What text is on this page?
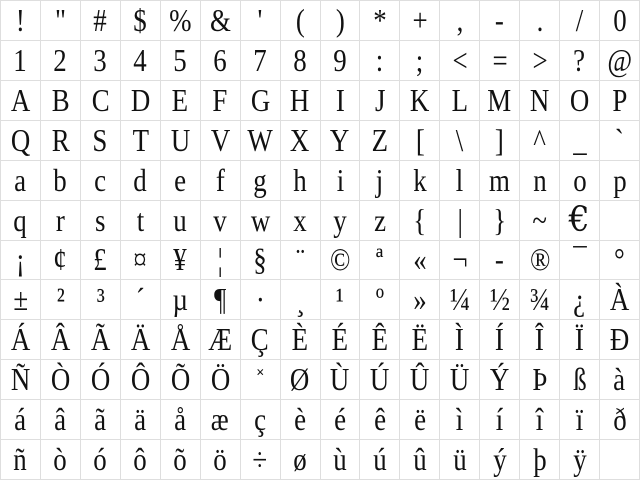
! " # $ % & ' ( ) * + , - . / 0
1 2 3 4 5 6 7 8 9 : ; < = > ? @
A B C D E F G H I J K L M N O P
Q R S T U V W X Y Z [ \ ] ^ _ `
a b c d e f g h i j k l m n o p
q r s t u v w x y z { | } ~ €
¡ ¢ £ ¤ ¥ ¦ § ¨ © ª « ¬ - ® ¯ °
± ² ³ ´ µ ¶ · ¸ ¹ º » ¼ ½ ¾ ¿ À
Á Â Ã Ä Å Æ Ç È É Ê Ë Ì Í Î Ï Ð
Ñ Ò Ó Ô Õ Ö × Ø Ù Ú Û Ü Ý Þ ß à
á â ã ä å æ ç è é ê ë ì í î ï ð
ñ ò ó ô õ ö ÷ ø ù ú û ü ý þ ÿ
